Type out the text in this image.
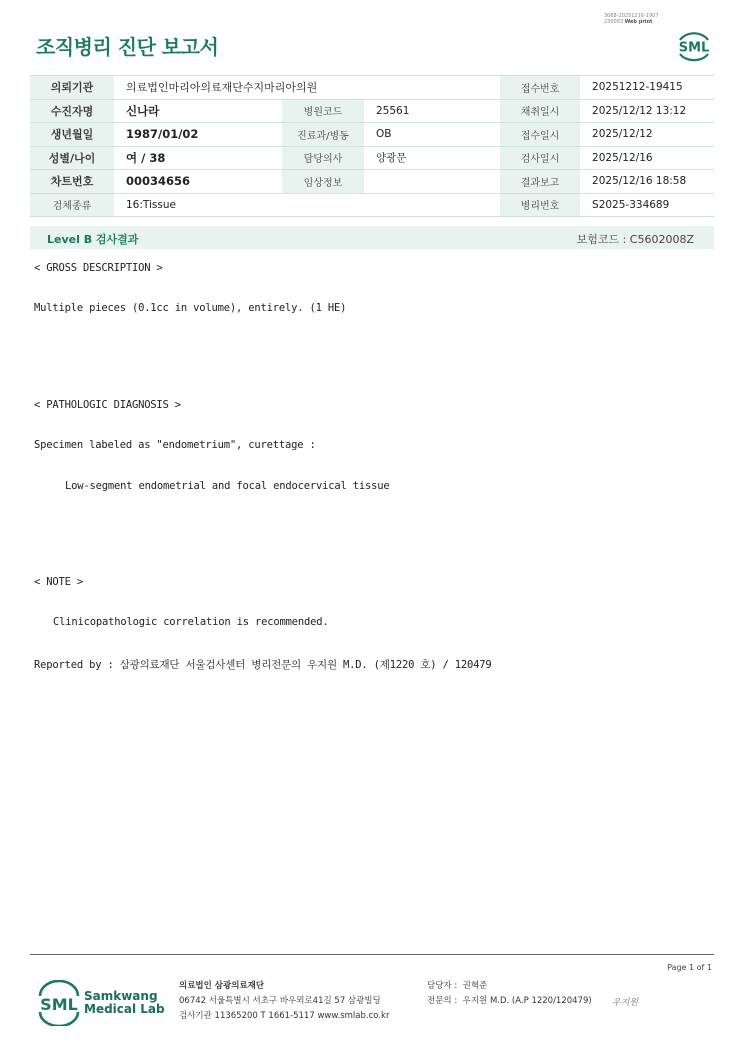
3068-20251216-1907
230083 Web print
조직병리 진단 보고서	SML
의뢰기관	의료법인마리아의료재단수지마리아의원			접수번호	20251212-19415
수진자명	신나라	병원코드	25561	채취일시	2025/12/12 13:12
생년월일	1987/01/02	진료과/병동	OB	접수일시	2025/12/12
성별/나이	여 / 38	담당의사	양광문	검사일시	2025/12/16
차트번호	00034656	임상정보		결과보고	2025/12/16 18:58
검체종류	16:Tissue			병리번호	S2025-334689
Level B 검사결과	보험코드 : C5602008Z
< GROSS DESCRIPTION >
Multiple pieces (0.1cc in volume), entirely. (1 HE)
< PATHOLOGIC DIAGNOSIS >
Specimen labeled as "endometrium", curettage :
Low-segment endometrial and focal endocervical tissue
< NOTE >
Clinicopathologic correlation is recommended.
Reported by : 삼광의료재단 서울검사센터 병리전문의 우지원 M.D. (제1220 호) / 120479
Page 1 of 1
SML Samkwang
Medical Lab
의료법인 삼광의료재단
06742 서울특별시 서초구 바우뫼로41길 57 삼광빌딩
검사기관 11365200 T 1661-5117 www.smlab.co.kr
담당자 : 권혁준
전문의 : 우지원 M.D. (A.P 1220/120479) 우지원
